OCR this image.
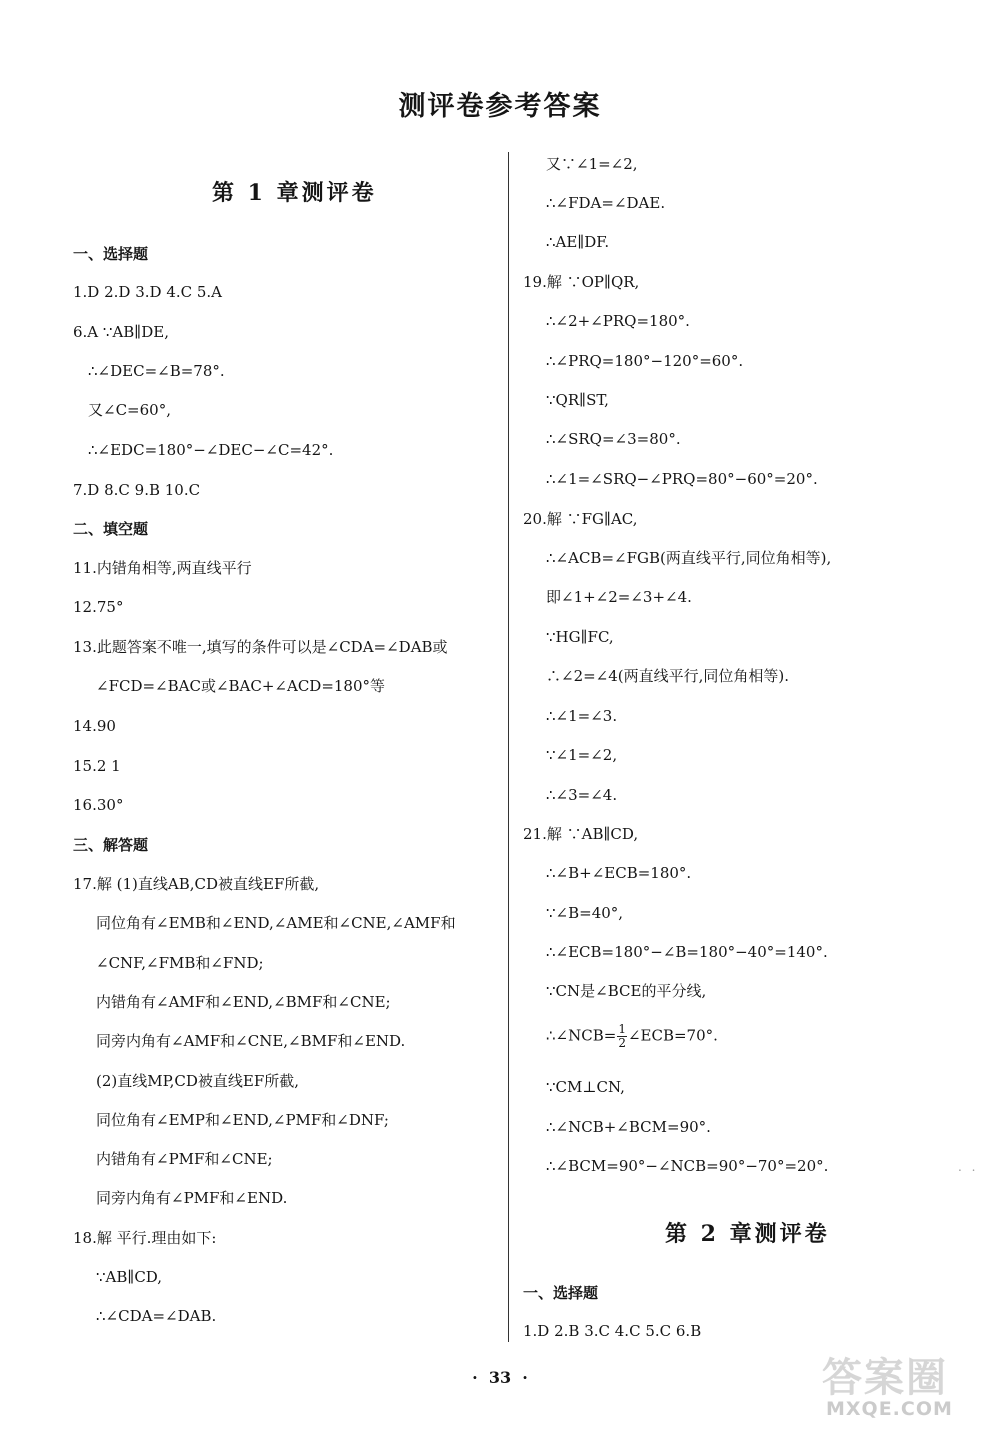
测评卷参考答案
. .
第 1 章测评卷
一、选择题
1.D 2.D 3.D 4.C 5.A
6.A ∵AB∥DE,
∴∠DEC=∠B=78°.
又∠C=60°,
∴∠EDC=180°−∠DEC−∠C=42°.
7.D 8.C 9.B 10.C
二、填空题
11.内错角相等,两直线平行
12.75°
13.此题答案不唯一,填写的条件可以是∠CDA=∠DAB或
∠FCD=∠BAC或∠BAC+∠ACD=180°等
14.90
15.2 1
16.30°
三、解答题
17.解 (1)直线AB,CD被直线EF所截,
同位角有∠EMB和∠END,∠AME和∠CNE,∠AMF和
∠CNF,∠FMB和∠FND;
内错角有∠AMF和∠END,∠BMF和∠CNE;
同旁内角有∠AMF和∠CNE,∠BMF和∠END.
(2)直线MP,CD被直线EF所截,
同位角有∠EMP和∠END,∠PMF和∠DNF;
内错角有∠PMF和∠CNE;
同旁内角有∠PMF和∠END.
18.解 平行.理由如下:
∵AB∥CD,
∴∠CDA=∠DAB.
又∵∠1=∠2,
∴∠FDA=∠DAE.
∴AE∥DF.
19.解 ∵OP∥QR,
∴∠2+∠PRQ=180°.
∴∠PRQ=180°−120°=60°.
∵QR∥ST,
∴∠SRQ=∠3=80°.
∴∠1=∠SRQ−∠PRQ=80°−60°=20°.
20.解 ∵FG∥AC,
∴∠ACB=∠FGB(两直线平行,同位角相等),
即∠1+∠2=∠3+∠4.
∵HG∥FC,
∴∠2=∠4(两直线平行,同位角相等).
∴∠1=∠3.
∵∠1=∠2,
∴∠3=∠4.
21.解 ∵AB∥CD,
∴∠B+∠ECB=180°.
∵∠B=40°,
∴∠ECB=180°−∠B=180°−40°=140°.
∵CN是∠BCE的平分线,
∴∠NCB= $\frac{1}{2}$ ∠ECB=70°.
∵CM⊥CN,
∴∠NCB+∠BCM=90°.
∴∠BCM=90°−∠NCB=90°−70°=20°.
第 2 章测评卷
一、选择题
1.D 2.B 3.C 4.C 5.C 6.B
·  33  ·	答案圈
MXQE.COM
